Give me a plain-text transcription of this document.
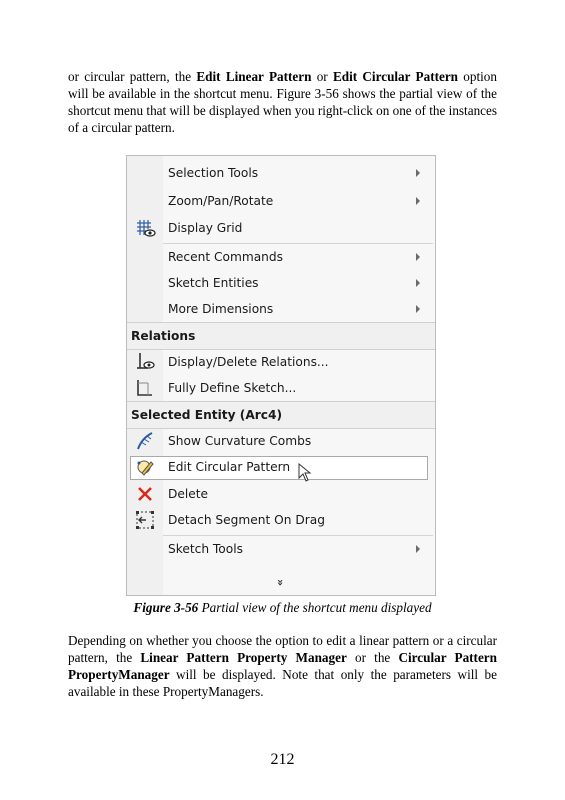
or circular pattern, the Edit Linear Pattern or Edit Circular Pattern option will be available in the shortcut menu. Figure 3-56 shows the partial view of the shortcut menu that will be displayed when you right-click on one of the instances of a circular pattern.
Selection Tools
Zoom/Pan/Rotate
Display Grid
Recent Commands
Sketch Entities
More Dimensions
Relations
Display/Delete Relations...
Fully Define Sketch...
Selected Entity (Arc4)
Show Curvature Combs
Edit Circular Pattern
Delete
Detach Segment On Drag
Sketch Tools
»
Figure 3-56 Partial view of the shortcut menu displayed
Depending on whether you choose the option to edit a linear pattern or a circular pattern, the Linear Pattern Property Manager or the Circular Pattern PropertyManager will be displayed. Note that only the parameters will be available in these PropertyManagers.
212
